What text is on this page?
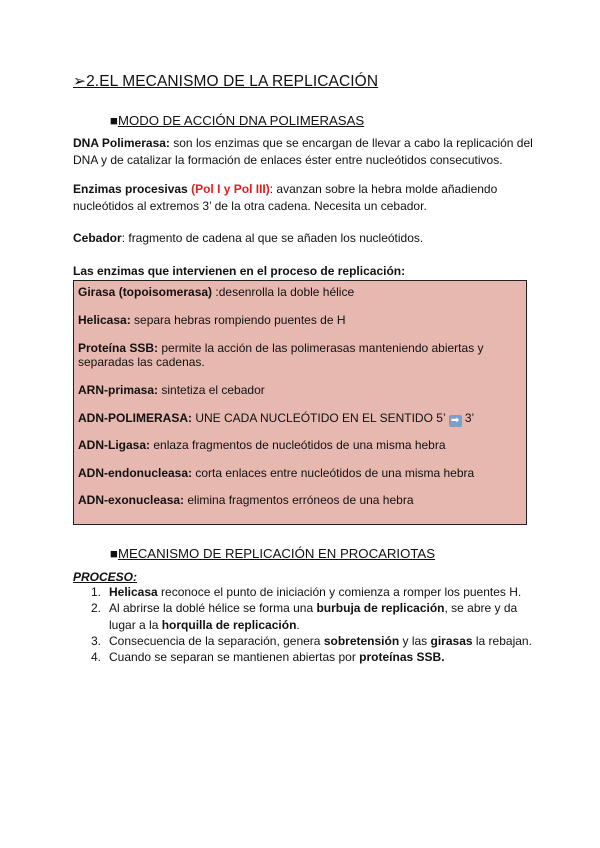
➢2.EL MECANISMO DE LA REPLICACIÓN
■MODO DE ACCIÓN DNA POLIMERASAS
DNA Polimerasa: son los enzimas que se encargan de llevar a cabo la replicación del DNA y de catalizar la formación de enlaces éster entre nucleótidos consecutivos.
Enzimas procesivas (Pol I y Pol III): avanzan sobre la hebra molde añadiendo nucleótidos al extremos 3’ de la otra cadena. Necesita un cebador.
Cebador: fragmento de cadena al que se añaden los nucleótidos.
Las enzimas que intervienen en el proceso de replicación:
Girasa (topoisomerasa) :desenrolla la doble hélice
Helicasa: separa hebras rompiendo puentes de H
Proteína SSB: permite la acción de las polimerasas manteniendo abiertas y separadas las cadenas.
ARN-primasa: sintetiza el cebador
ADN-POLIMERASA: UNE CADA NUCLEÓTIDO EN EL SENTIDO 5’ ➡ 3’
ADN-Ligasa: enlaza fragmentos de nucleótidos de una misma hebra
ADN-endonucleasa: corta enlaces entre nucleótidos de una misma hebra
ADN-exonucleasa: elimina fragmentos erróneos de una hebra
■MECANISMO DE REPLICACIÓN EN PROCARIOTAS
PROCESO:
1. Helicasa reconoce el punto de iniciación y comienza a romper los puentes H.
2. Al abrirse la doblé hélice se forma una burbuja de replicación, se abre y da lugar a la horquilla de replicación.
3. Consecuencia de la separación, genera sobretensión y las girasas la rebajan.
4. Cuando se separan se mantienen abiertas por proteínas SSB.
